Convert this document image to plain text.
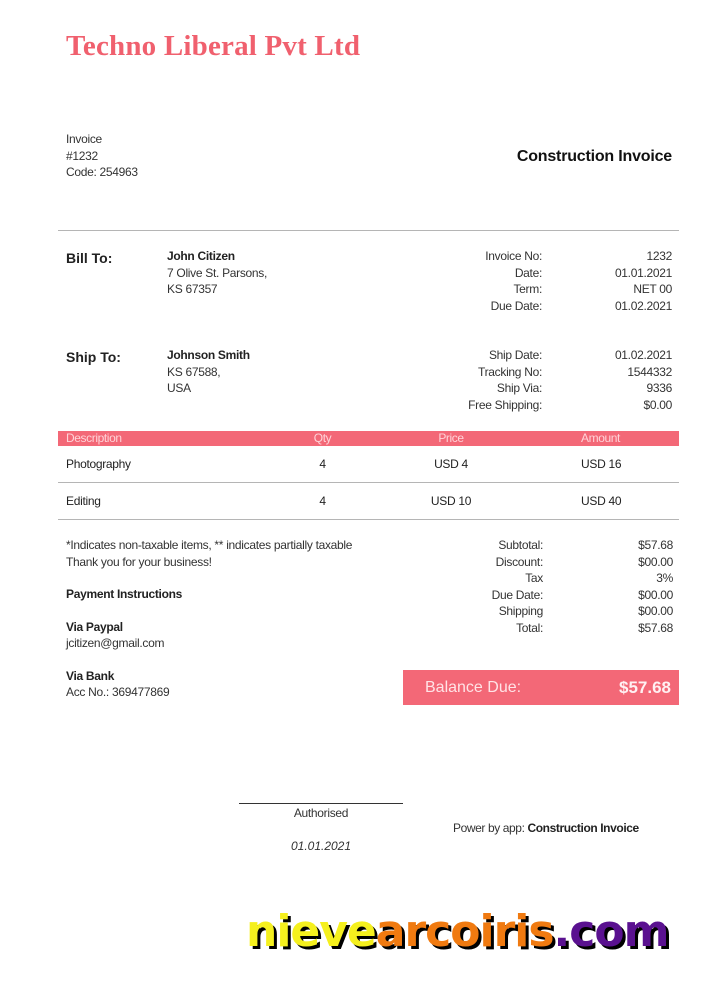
Techno Liberal Pvt Ltd
Invoice
#1232
Code: 254963
Construction Invoice
Bill To:	John Citizen
7 Olive St. Parsons,
KS 67357
Invoice No:	1232
Date:	01.01.2021
Term:	NET 00
Due Date:	01.02.2021
Ship To:	Johnson Smith
KS 67588,
USA
Ship Date:	01.02.2021
Tracking No:	1544332
Ship Via:	9336
Free Shipping:	$0.00
Description	Qty	Price	Amount
Photography	4	USD 4	USD 16
Editing	4	USD 10	USD 40
*Indicates non-taxable items, ** indicates partially taxable
Thank you for your business!
Payment Instructions
Via Paypal
jcitizen@gmail.com
Via Bank
Acc No.: 369477869
Subtotal:	$57.68
Discount:	$00.00
Tax	3%
Due Date:	$00.00
Shipping	$00.00
Total:	$57.68
Balance Due:	$57.68
Authorised
01.01.2021
Power by app: Construction Invoice
nievearcoiris.com
